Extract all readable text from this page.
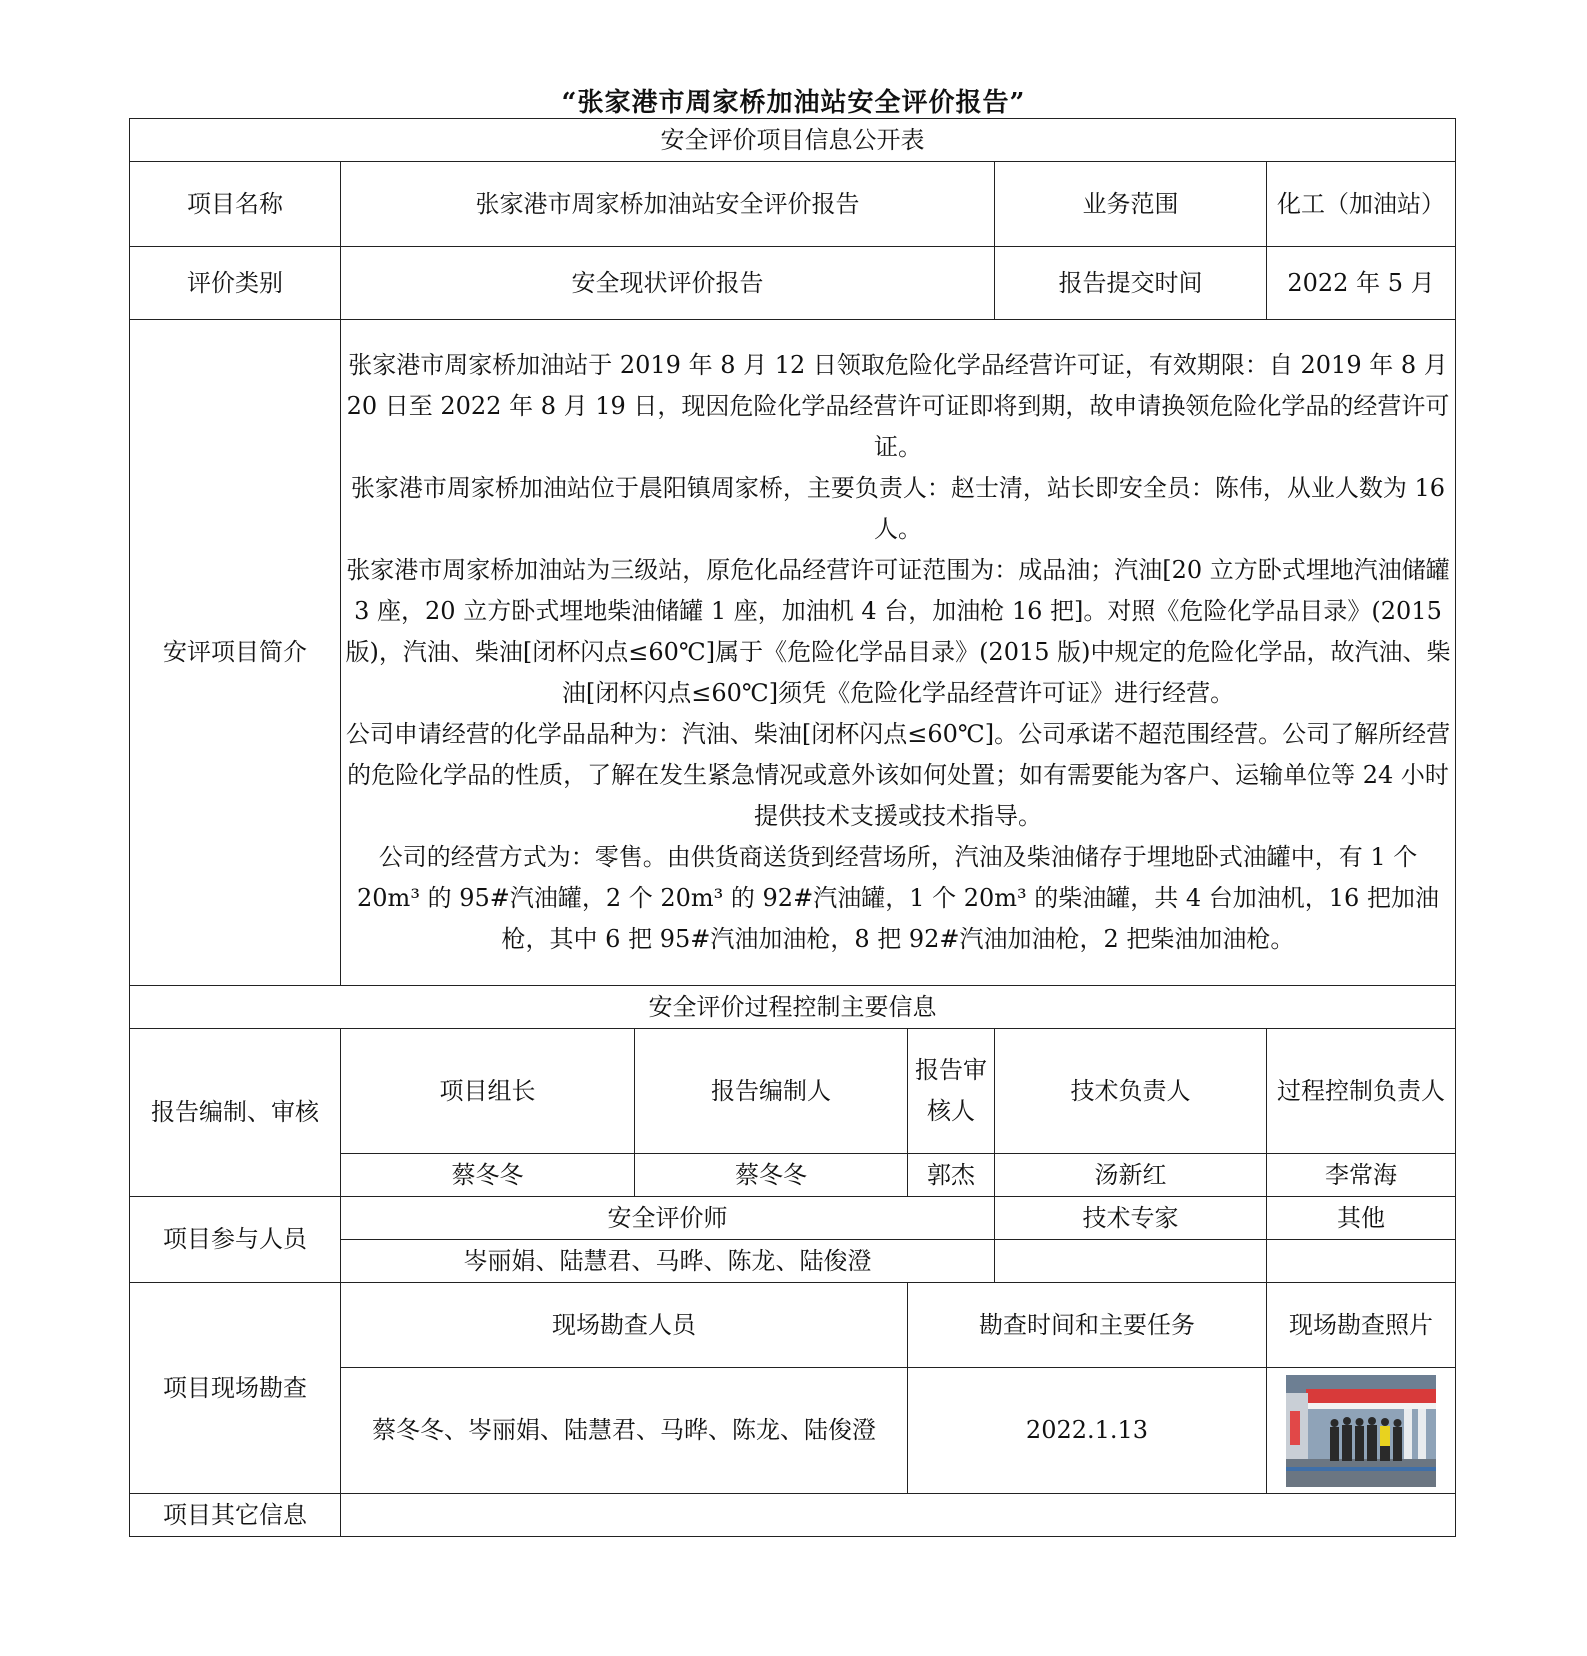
“张家港市周家桥加油站安全评价报告”
安全评价项目信息公开表					
项目名称	张家港市周家桥加油站安全评价报告			业务范围	化工（加油站）
评价类别	安全现状评价报告			报告提交时间	2022 年 5 月
安评项目简介	张家港市周家桥加油站于 2019 年 8 月 12 日领取危险化学品经营许可证，有效期限：自 2019 年 8 月 20 日至 2022 年 8 月 19 日，现因危险化学品经营许可证即将到期，故申请换领危险化学品的经营许可证。

张家港市周家桥加油站位于晨阳镇周家桥，主要负责人：赵士清，站长即安全员：陈伟，从业人数为 16 人。

张家港市周家桥加油站为三级站，原危化品经营许可证范围为：成品油；汽油[20 立方卧式埋地汽油储罐 3 座，20 立方卧式埋地柴油储罐 1 座，加油机 4 台，加油枪 16 把]。对照《危险化学品目录》(2015 版)，汽油、柴油[闭杯闪点≤60℃]属于《危险化学品目录》(2015 版)中规定的危险化学品，故汽油、柴油[闭杯闪点≤60℃]须凭《危险化学品经营许可证》进行经营。

公司申请经营的化学品品种为：汽油、柴油[闭杯闪点≤60℃]。公司承诺不超范围经营。公司了解所经营的危险化学品的性质，了解在发生紧急情况或意外该如何处置；如有需要能为客户、运输单位等 24 小时提供技术支援或技术指导。

公司的经营方式为：零售。由供货商送货到经营场所，汽油及柴油储存于埋地卧式油罐中，有 1 个 20m³ 的 95#汽油罐，2 个 20m³ 的 92#汽油罐，1 个 20m³ 的柴油罐，共 4 台加油机，16 把加油枪，其中 6 把 95#汽油加油枪，8 把 92#汽油加油枪，2 把柴油加油枪。				

安全评价过程控制主要信息					
报告编制、审核	项目组长	报告编制人	报告审核人	技术负责人	过程控制负责人
	蔡冬冬	蔡冬冬	郭杰	汤新红	李常海
项目参与人员	安全评价师			技术专家	其他
	岑丽娟、陆慧君、马晔、陈龙、陆俊澄				
项目现场勘查	现场勘查人员		勘查时间和主要任务		现场勘查照片
	蔡冬冬、岑丽娟、陆慧君、马晔、陈龙、陆俊澄		2022.1.13	

项目其它信息					
